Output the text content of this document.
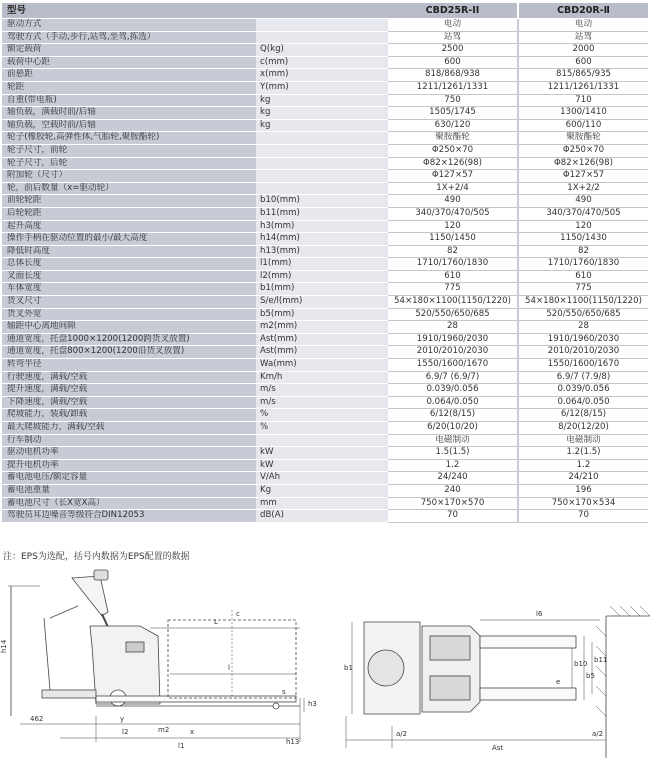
型号		CBD25R-II	CBD20R-Ⅱ
驱动方式		电动	电动
驾驶方式（手动,步行,站驾,坐驾,拣选）		站驾	站驾
额定载荷	Q(kg)	2500	2000
载荷中心距	c(mm)	600	600
前悬距	x(mm)	818/868/938	815/865/935
轮距	Y(mm)	1211/1261/1331	1211/1261/1331
自重(带电瓶)	kg	750	710
轴负载，满载时前/后轴	kg	1505/1745	1300/1410
轴负载，空载时前/后轴	kg	630/120	600/110
轮子(橡胶轮,高弹性体,气胎轮,聚胺酯轮)		聚胺酯轮	聚胺酯轮
轮子尺寸，前轮		Φ250×70	Φ250×70
轮子尺寸，后轮		Φ82×126(98)	Φ82×126(98)
附加轮（尺寸）		Φ127×57	Φ127×57
轮，前后数量（x=驱动轮）		1X+2/4	1X+2/2
前轮轮距	b10(mm)	490	490
后轮轮距	b11(mm)	340/370/470/505	340/370/470/505
起升高度	h3(mm)	120	120
操作手柄在驱动位置的最小/最大高度	h14(mm)	1150/1450	1150/1430
降低时高度	h13(mm)	82	82
总体长度	l1(mm)	1710/1760/1830	1710/1760/1830
叉面长度	l2(mm)	610	610
车体宽度	b1(mm)	775	775
货叉尺寸	S/e/l(mm)	54×180×1100(1150/1220)	54×180×1100(1150/1220)
货叉外宽	b5(mm)	520/550/650/685	520/550/650/685
轴距中心离地间隙	m2(mm)	28	28
通道宽度，托盘1000×1200(1200跨货叉放置)	Ast(mm)	1910/1960/2030	1910/1960/2030
通道宽度，托盘800×1200(1200沿货叉放置)	Ast(mm)	2010/2010/2030	2010/2010/2030
转弯半径	Wa(mm)	1550/1600/1670	1550/1600/1670
行驶速度，满载/空载	Km/h	6.9/7 (6.9/7)	6.9/7 (7.9/8)
提升速度，满载/空载	m/s	0.039/0.056	0.039/0.056
下降速度，满载/空载	m/s	0.064/0.050	0.064/0.050
爬坡能力，装载/卸载	%	6/12(8/15)	6/12(8/15)
最大爬坡能力，满载/空载	%	6/20(10/20)	8/20(12/20)
行车制动		电磁制动	电磁制动
驱动电机功率	kW	1.5(1.5)	1.2(1.5)
提升电机功率	kW	1.2	1.2
蓄电池电压/额定容量	V/Ah	24/240	24/210
蓄电池重量	Kg	240	196
蓄电池尺寸（长X宽X高）	mm	750×170×570	750×170×534
驾驶员耳边噪音等级符合DIN12053	dB(A)	70	70
注：EPS为选配，括号内数据为EPS配置的数据
h14
L
l
c
x
y
l2
l1
m2
h3
h13
s
462
l6
b1	b10 b11
b5
e
a/2	a/2
Ast
